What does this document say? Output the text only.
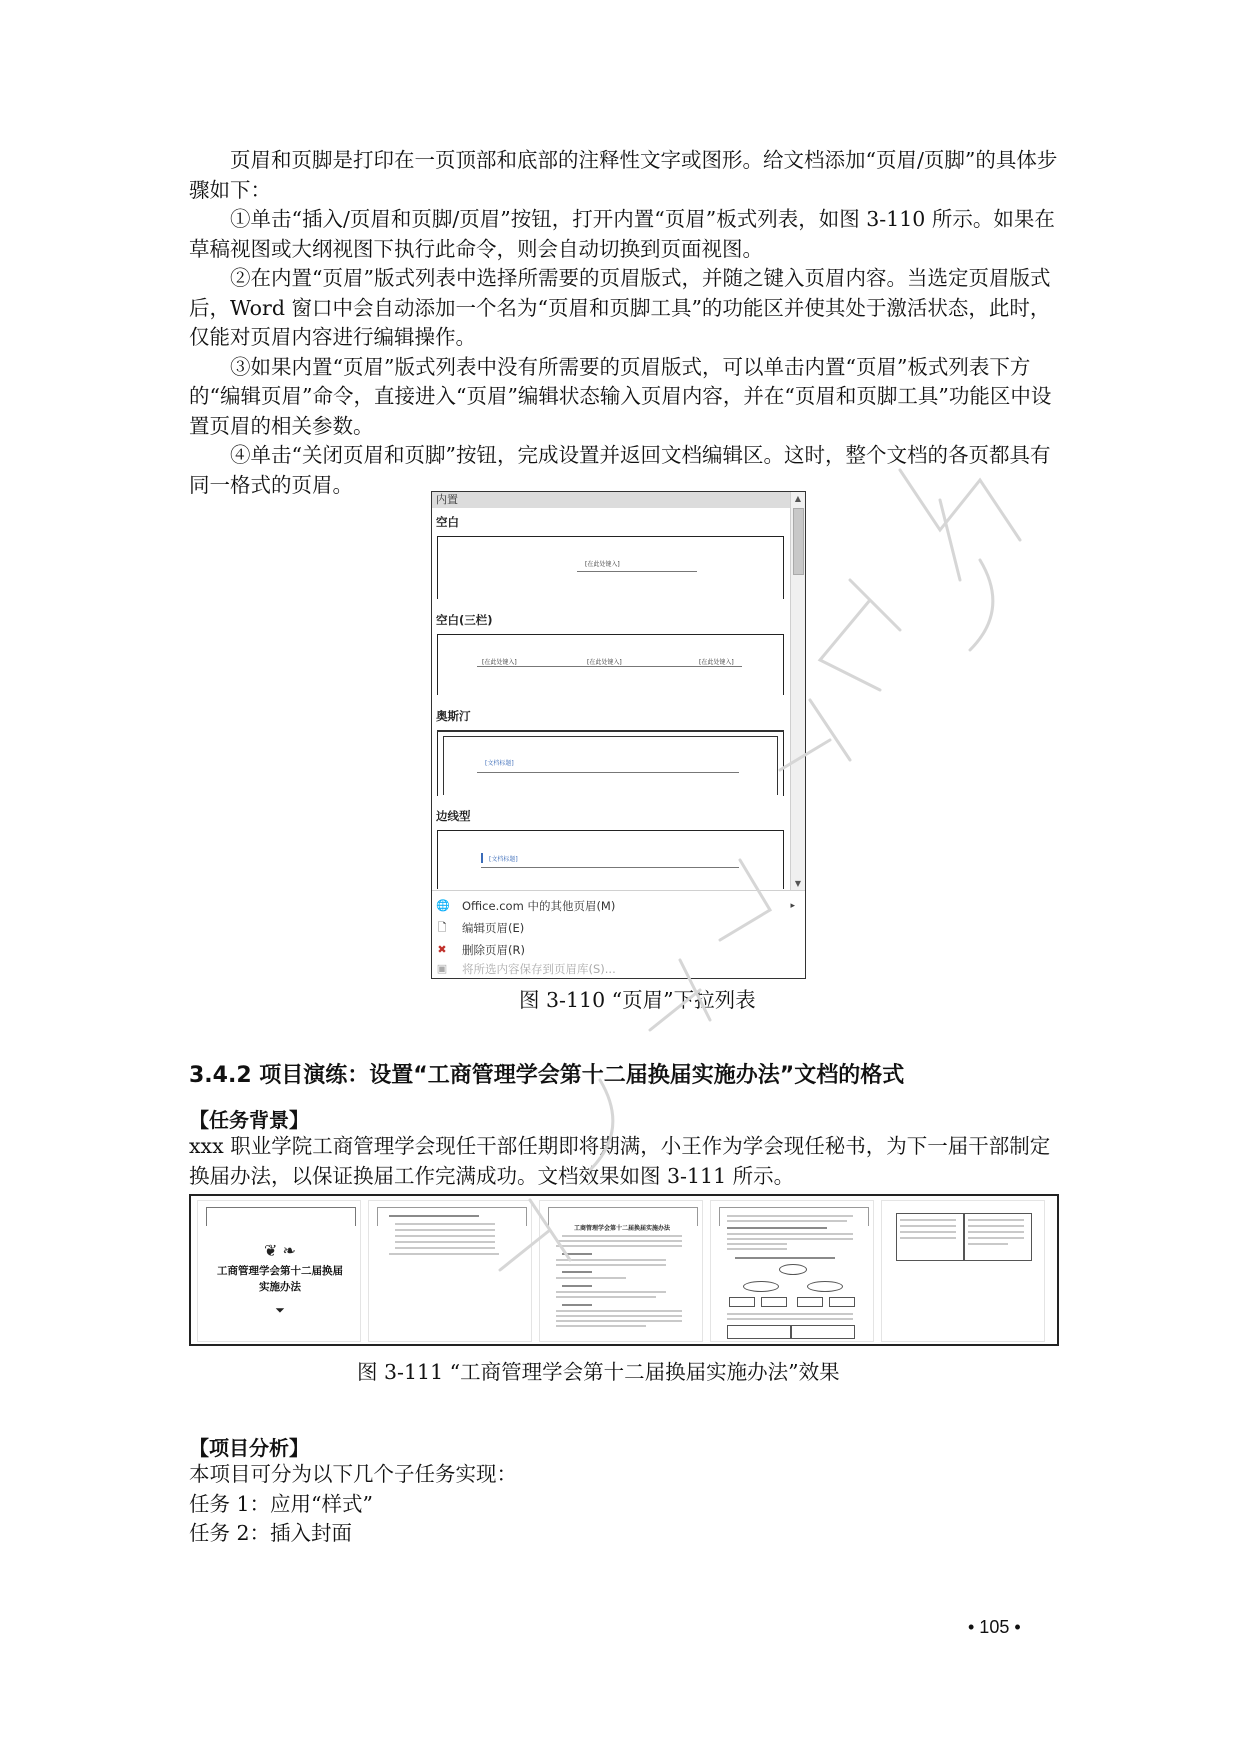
页眉和页脚是打印在一页顶部和底部的注释性文字或图形。给文档添加“页眉/页脚”的具体步骤如下：

①单击“插入/页眉和页脚/页眉”按钮，打开内置“页眉”板式列表，如图 3-110 所示。如果在草稿视图或大纲视图下执行此命令，则会自动切换到页面视图。

②在内置“页眉”版式列表中选择所需要的页眉版式，并随之键入页眉内容。当选定页眉版式后，Word 窗口中会自动添加一个名为“页眉和页脚工具”的功能区并使其处于激活状态，此时，仅能对页眉内容进行编辑操作。

③如果内置“页眉”版式列表中没有所需要的页眉版式，可以单击内置“页眉”板式列表下方的“编辑页眉”命令，直接进入“页眉”编辑状态输入页眉内容，并在“页眉和页脚工具”功能区中设置页眉的相关参数。

④单击“关闭页眉和页脚”按钮，完成设置并返回文档编辑区。这时，整个文档的各页都具有同一格式的页眉。

内置	▲
▼
空白
[在此处键入]
空白(三栏)
[在此处键入]	[在此处键入]	[在此处键入]
奥斯汀
[文档标题]
边线型
[文档标题]
🌐 Office.com 中的其他页眉(M)	▸
🗋 编辑页眉(E)
✖ 删除页眉(R)
▣ 将所选内容保存到页眉库(S)...

图 3-110 “页眉”下拉列表

3.4.2 项目演练：设置“工商管理学会第十二届换届实施办法”文档的格式

【任务背景】

xxx 职业学院工商管理学会现任干部任期即将期满，小王作为学会现任秘书，为下一届干部制定换届办法，以保证换届工作完满成功。文档效果如图 3-111 所示。

❦ ❧
工商管理学会第十二届换届实施办法
⏷
工商管理学会第十二届换届实施办法

图 3-111 “工商管理学会第十二届换届实施办法”效果

【项目分析】

本项目可分为以下几个子任务实现：

任务 1：应用“样式”

任务 2：插入封面

• 105 •
